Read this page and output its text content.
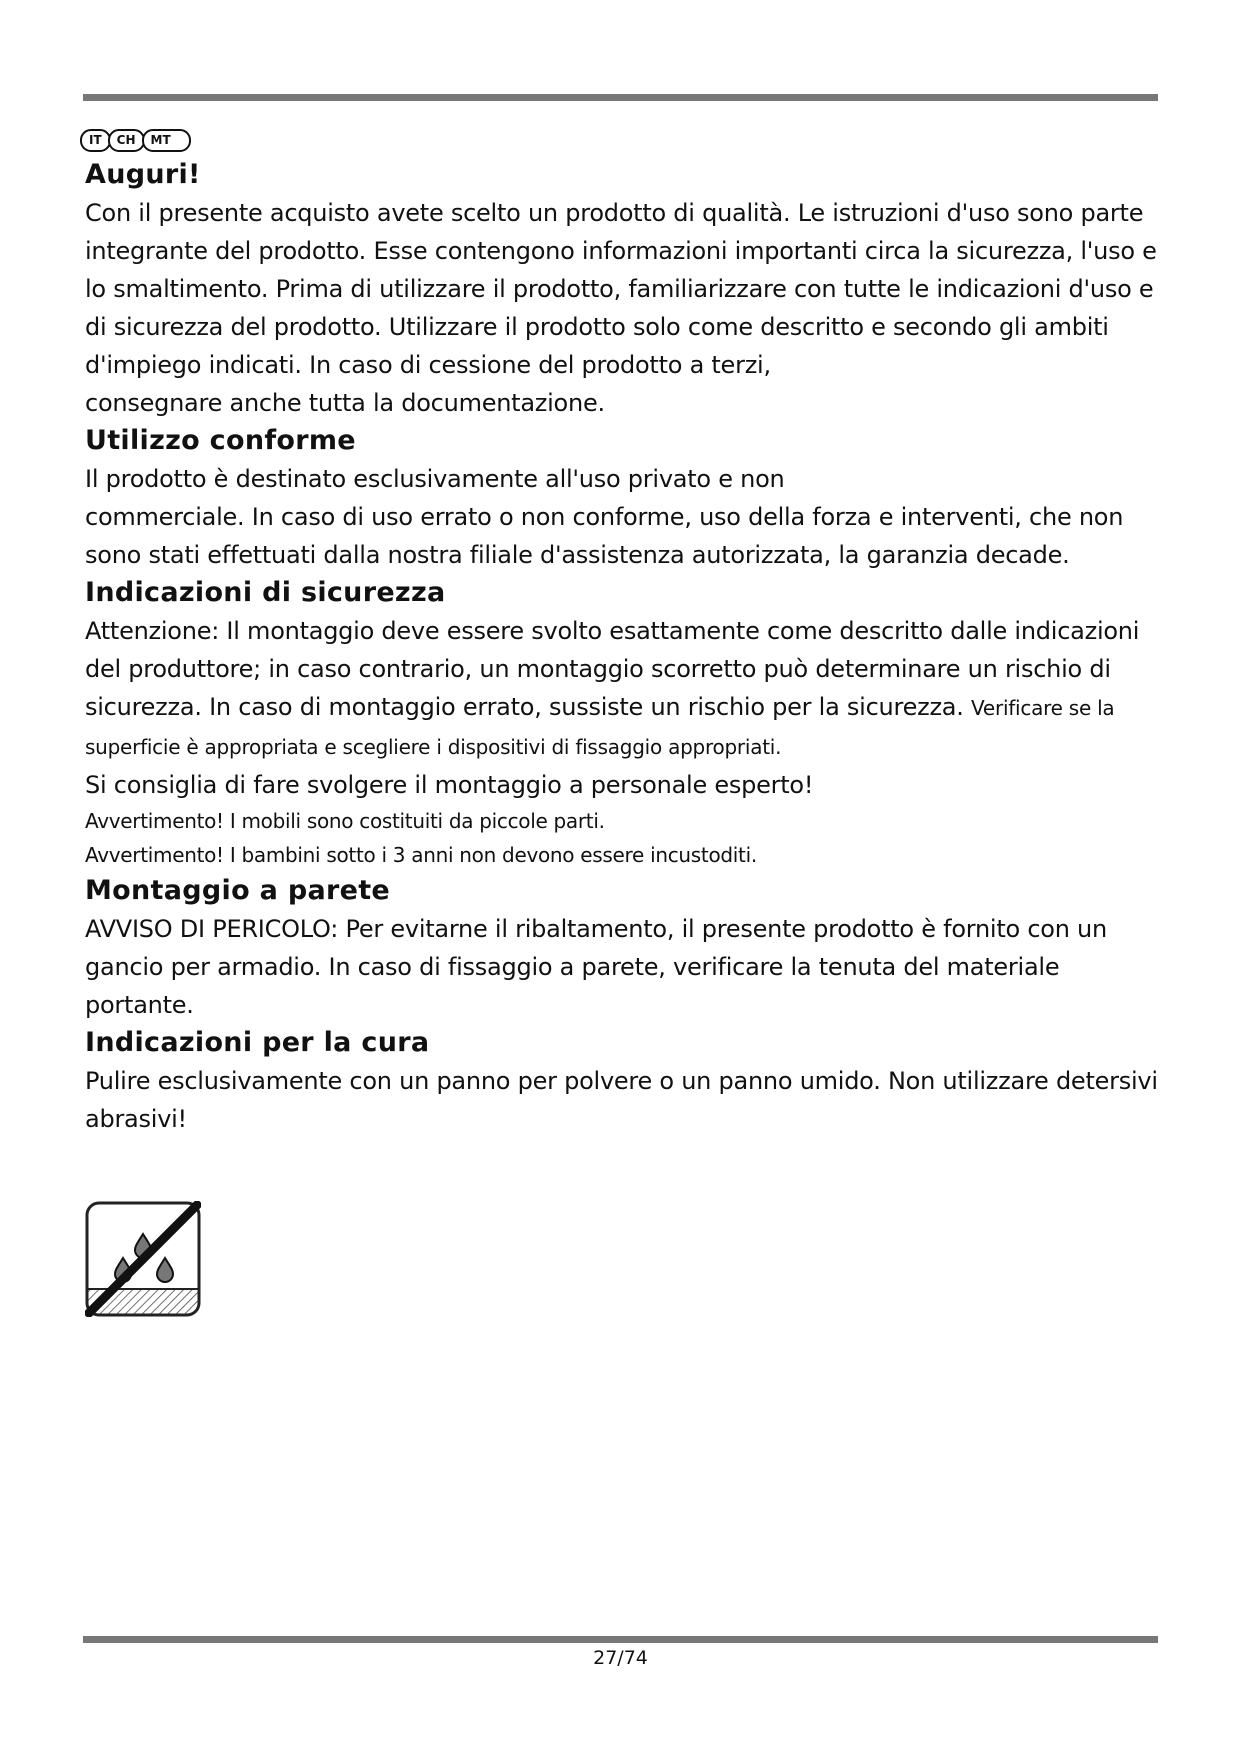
IT	CH	MT
Auguri!

Con il presente acquisto avete scelto un prodotto di qualità. Le istruzioni d'uso sono parte integrante del prodotto. Esse contengono informazioni importanti circa la sicurezza, l'uso e lo smaltimento. Prima di utilizzare il prodotto, familiarizzare con tutte le indicazioni d'uso e di sicurezza del prodotto. Utilizzare il prodotto solo come descritto e secondo gli ambiti d'impiego indicati. In caso di cessione del prodotto a terzi,

consegnare anche tutta la documentazione.

Utilizzo conforme

Il prodotto è destinato esclusivamente all'uso privato e non

commerciale. In caso di uso errato o non conforme, uso della forza e interventi, che non sono stati effettuati dalla nostra filiale d'assistenza autorizzata, la garanzia decade.

Indicazioni di sicurezza

Attenzione: Il montaggio deve essere svolto esattamente come descritto dalle indicazioni del produttore; in caso contrario, un montaggio scorretto può determinare un rischio di sicurezza. In caso di montaggio errato, sussiste un rischio per la sicurezza. Verificare se la superficie è appropriata e scegliere i dispositivi di fissaggio appropriati.

Si consiglia di fare svolgere il montaggio a personale esperto!

Avvertimento! I mobili sono costituiti da piccole parti.

Avvertimento! I bambini sotto i 3 anni non devono essere incustoditi.

Montaggio a parete

AVVISO DI PERICOLO: Per evitarne il ribaltamento, il presente prodotto è fornito con un gancio per armadio. In caso di fissaggio a parete, verificare la tenuta del materiale portante.

Indicazioni per la cura

Pulire esclusivamente con un panno per polvere o un panno umido. Non utilizzare detersivi abrasivi!

27/74
